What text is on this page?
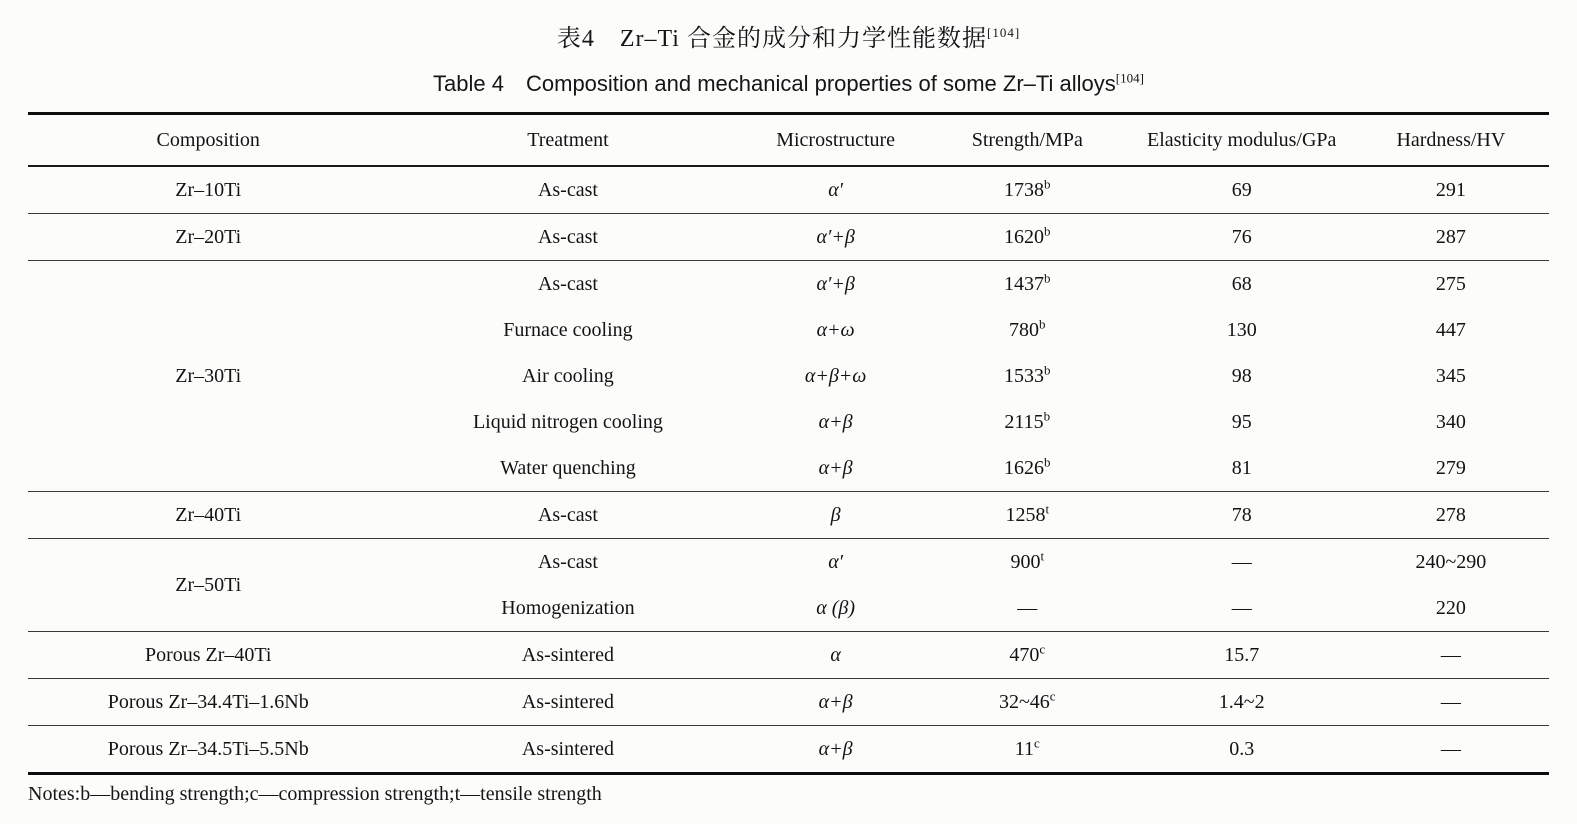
表4　Zr–Ti 合金的成分和力学性能数据[104]
Table 4　Composition and mechanical properties of some Zr–Ti alloys[104]
Composition	Treatment	Microstructure	Strength/MPa	Elasticity modulus/GPa	Hardness/HV
Zr–10Ti	As-cast	α′	1738$^b$	69	291
Zr–20Ti	As-cast	α′+β	1620$^b$	76	287
Zr–30Ti	As-cast	α′+β	1437$^b$	68	275
	Furnace cooling	α+ω	780$^b$	130	447
	Air cooling	α+β+ω	1533$^b$	98	345
	Liquid nitrogen cooling	α+β	2115$^b$	95	340
	Water quenching	α+β	1626$^b$	81	279
Zr–40Ti	As-cast	β	1258$^t$	78	278
Zr–50Ti	As-cast	α′	900$^t$	—	240~290
	Homogenization	α (β)	—	—	220
Porous Zr–40Ti	As-sintered	α	470$^c$	15.7	—
Porous Zr–34.4Ti–1.6Nb	As-sintered	α+β	32~46$^c$	1.4~2	—
Porous Zr–34.5Ti–5.5Nb	As-sintered	α+β	11$^c$	0.3	—
Notes:b—bending strength;c—compression strength;t—tensile strength
